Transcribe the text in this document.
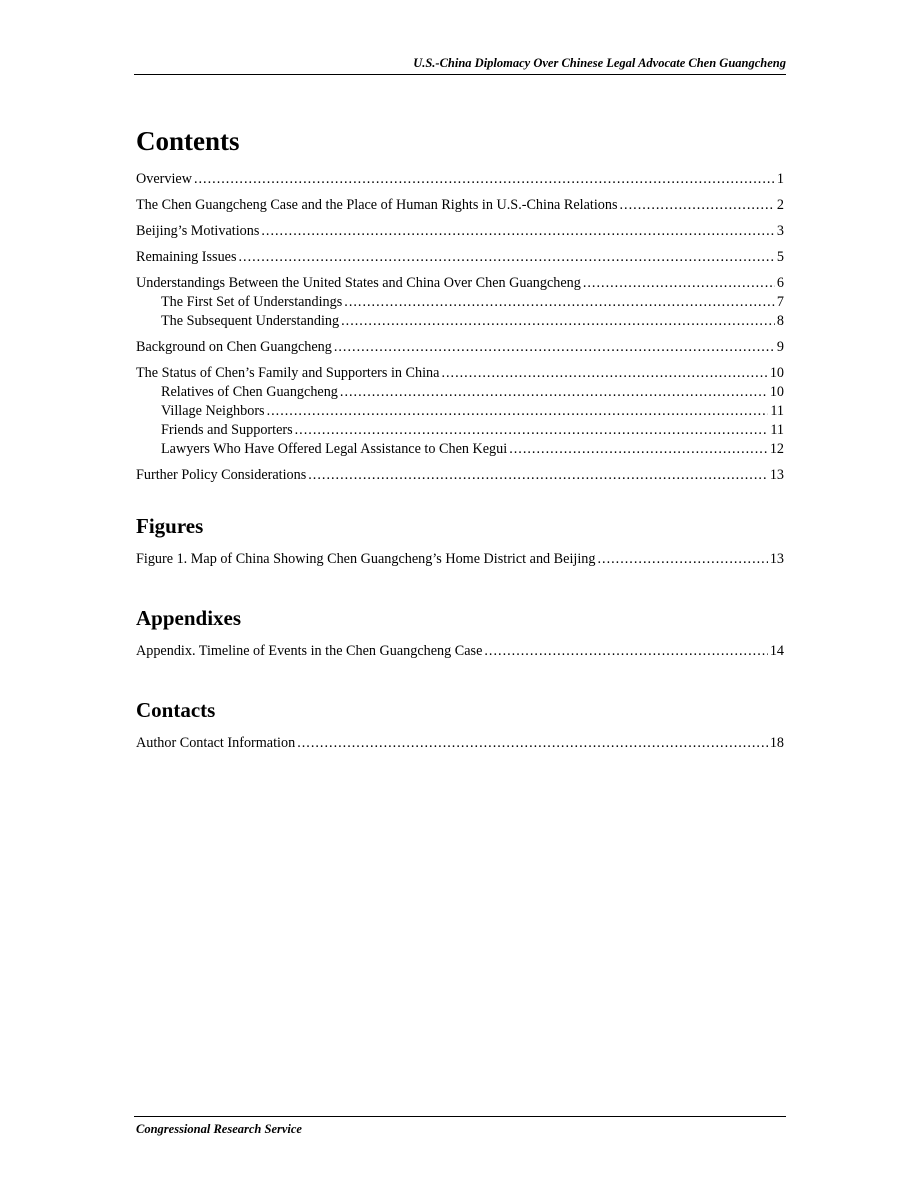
U.S.-China Diplomacy Over Chinese Legal Advocate Chen Guangcheng
Contents
Overview .....	1
The Chen Guangcheng Case and the Place of Human Rights in U.S.-China Relations .....	2
Beijing’s Motivations .....	3
Remaining Issues .....	5
Understandings Between the United States and China Over Chen Guangcheng .....	6
The First Set of Understandings .....	7
The Subsequent Understanding .....	8
Background on Chen Guangcheng .....	9
The Status of Chen’s Family and Supporters in China .....	10
Relatives of Chen Guangcheng .....	10
Village Neighbors .....	11
Friends and Supporters .....	11
Lawyers Who Have Offered Legal Assistance to Chen Kegui .....	12
Further Policy Considerations .....	13
Figures
Figure 1. Map of China Showing Chen Guangcheng’s Home District and Beijing .....	13
Appendixes
Appendix. Timeline of Events in the Chen Guangcheng Case .....	14
Contacts
Author Contact Information .....	18
Congressional Research Service
